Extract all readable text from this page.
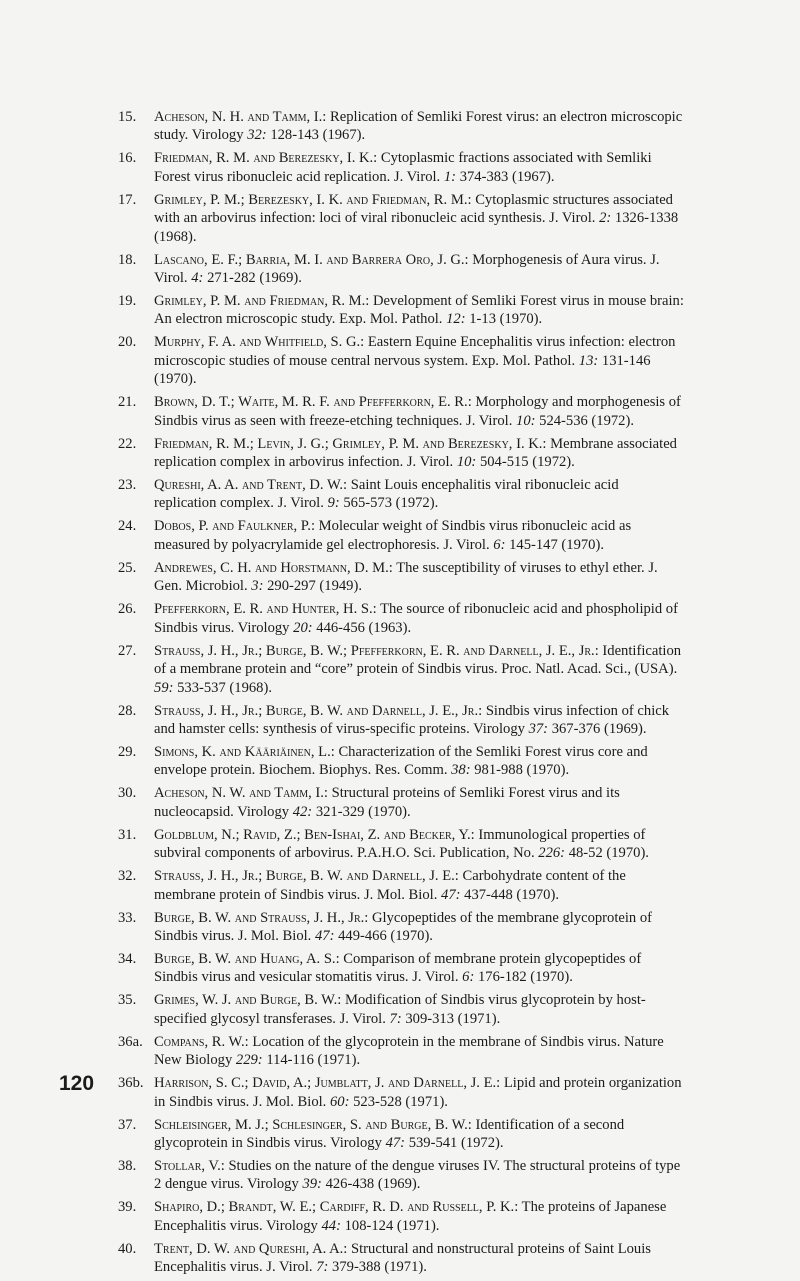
15.	Acheson, N. H. and Tamm, I.: Replication of Semliki Forest virus: an electron microscopic study. Virology 32: 128-143 (1967).
16.	Friedman, R. M. and Berezesky, I. K.: Cytoplasmic fractions associated with Semliki Forest virus ribonucleic acid replication. J. Virol. 1: 374-383 (1967).
17.	Grimley, P. M.; Berezesky, I. K. and Friedman, R. M.: Cytoplasmic structures associated with an arbovirus infection: loci of viral ribonucleic acid synthesis. J. Virol. 2: 1326-1338 (1968).
18.	Lascano, E. F.; Barria, M. I. and Barrera Oro, J. G.: Morphogenesis of Aura virus. J. Virol. 4: 271-282 (1969).
19.	Grimley, P. M. and Friedman, R. M.: Development of Semliki Forest virus in mouse brain: An electron microscopic study. Exp. Mol. Pathol. 12: 1-13 (1970).
20.	Murphy, F. A. and Whitfield, S. G.: Eastern Equine Encephalitis virus infection: electron microscopic studies of mouse central nervous system. Exp. Mol. Pathol. 13: 131-146 (1970).
21.	Brown, D. T.; Waite, M. R. F. and Pfefferkorn, E. R.: Morphology and morphogenesis of Sindbis virus as seen with freeze-etching techniques. J. Virol. 10: 524-536 (1972).
22.	Friedman, R. M.; Levin, J. G.; Grimley, P. M. and Berezesky, I. K.: Membrane associated replication complex in arbovirus infection. J. Virol. 10: 504-515 (1972).
23.	Qureshi, A. A. and Trent, D. W.: Saint Louis encephalitis viral ribonucleic acid replication complex. J. Virol. 9: 565-573 (1972).
24.	Dobos, P. and Faulkner, P.: Molecular weight of Sindbis virus ribonucleic acid as measured by polyacrylamide gel electrophoresis. J. Virol. 6: 145-147 (1970).
25.	Andrewes, C. H. and Horstmann, D. M.: The susceptibility of viruses to ethyl ether. J. Gen. Microbiol. 3: 290-297 (1949).
26.	Pfefferkorn, E. R. and Hunter, H. S.: The source of ribonucleic acid and phospholipid of Sindbis virus. Virology 20: 446-456 (1963).
27.	Strauss, J. H., Jr.; Burge, B. W.; Pfefferkorn, E. R. and Darnell, J. E., Jr.: Identification of a membrane protein and “core” protein of Sindbis virus. Proc. Natl. Acad. Sci., (USA). 59: 533-537 (1968).
28.	Strauss, J. H., Jr.; Burge, B. W. and Darnell, J. E., Jr.: Sindbis virus infection of chick and hamster cells: synthesis of virus-specific proteins. Virology 37: 367-376 (1969).
29.	Simons, K. and Kääriäinen, L.: Characterization of the Semliki Forest virus core and envelope protein. Biochem. Biophys. Res. Comm. 38: 981-988 (1970).
30.	Acheson, N. W. and Tamm, I.: Structural proteins of Semliki Forest virus and its nucleocapsid. Virology 42: 321-329 (1970).
31.	Goldblum, N.; Ravid, Z.; Ben-Ishai, Z. and Becker, Y.: Immunological properties of subviral components of arbovirus. P.A.H.O. Sci. Publication, No. 226: 48-52 (1970).
32.	Strauss, J. H., Jr.; Burge, B. W. and Darnell, J. E.: Carbohydrate content of the membrane protein of Sindbis virus. J. Mol. Biol. 47: 437-448 (1970).
33.	Burge, B. W. and Strauss, J. H., Jr.: Glycopeptides of the membrane glycoprotein of Sindbis virus. J. Mol. Biol. 47: 449-466 (1970).
34.	Burge, B. W. and Huang, A. S.: Comparison of membrane protein glycopeptides of Sindbis virus and vesicular stomatitis virus. J. Virol. 6: 176-182 (1970).
35.	Grimes, W. J. and Burge, B. W.: Modification of Sindbis virus glycoprotein by host-specified glycosyl transferases. J. Virol. 7: 309-313 (1971).
36a. Compans, R. W.: Location of the glycoprotein in the membrane of Sindbis virus. Nature New Biology 229: 114-116 (1971).
36b. Harrison, S. C.; David, A.; Jumblatt, J. and Darnell, J. E.: Lipid and protein organization in Sindbis virus. J. Mol. Biol. 60: 523-528 (1971).
37.	Schleisinger, M. J.; Schlesinger, S. and Burge, B. W.: Identification of a second glycoprotein in Sindbis virus. Virology 47: 539-541 (1972).
38.	Stollar, V.: Studies on the nature of the dengue viruses IV. The structural proteins of type 2 dengue virus. Virology 39: 426-438 (1969).
39.	Shapiro, D.; Brandt, W. E.; Cardiff, R. D. and Russell, P. K.: The proteins of Japanese Encephalitis virus. Virology 44: 108-124 (1971).
40.	Trent, D. W. and Qureshi, A. A.: Structural and nonstructural proteins of Saint Louis Encephalitis virus. J. Virol. 7: 379-388 (1971).
120
